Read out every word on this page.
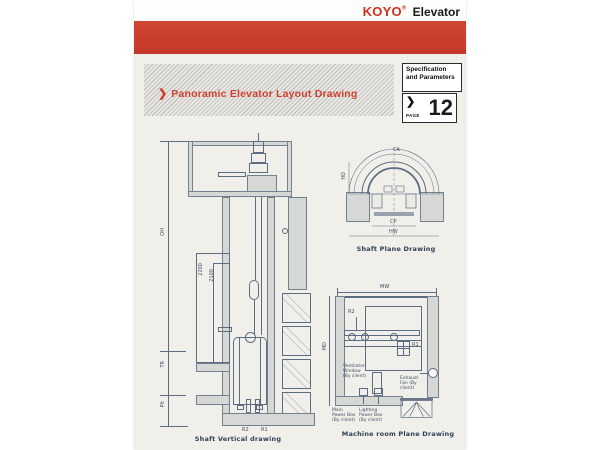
KOYO® Elevator
❯ Panoramic Elevator Layout Drawing
Specification
and Parameters
❯
PAGE 12
OH
TR
Pit
2200 2100
R2 R1
Shaft Vertical drawing
CA
CP
HW
HD
Shaft Plane Drawing
MW
MD
R2
R1
Ventilator Window (By client)	Exhaust Fan (By client)
Main Power Box (By client)
Lighting Power Box (By client)
Machine room Plane Drawing
